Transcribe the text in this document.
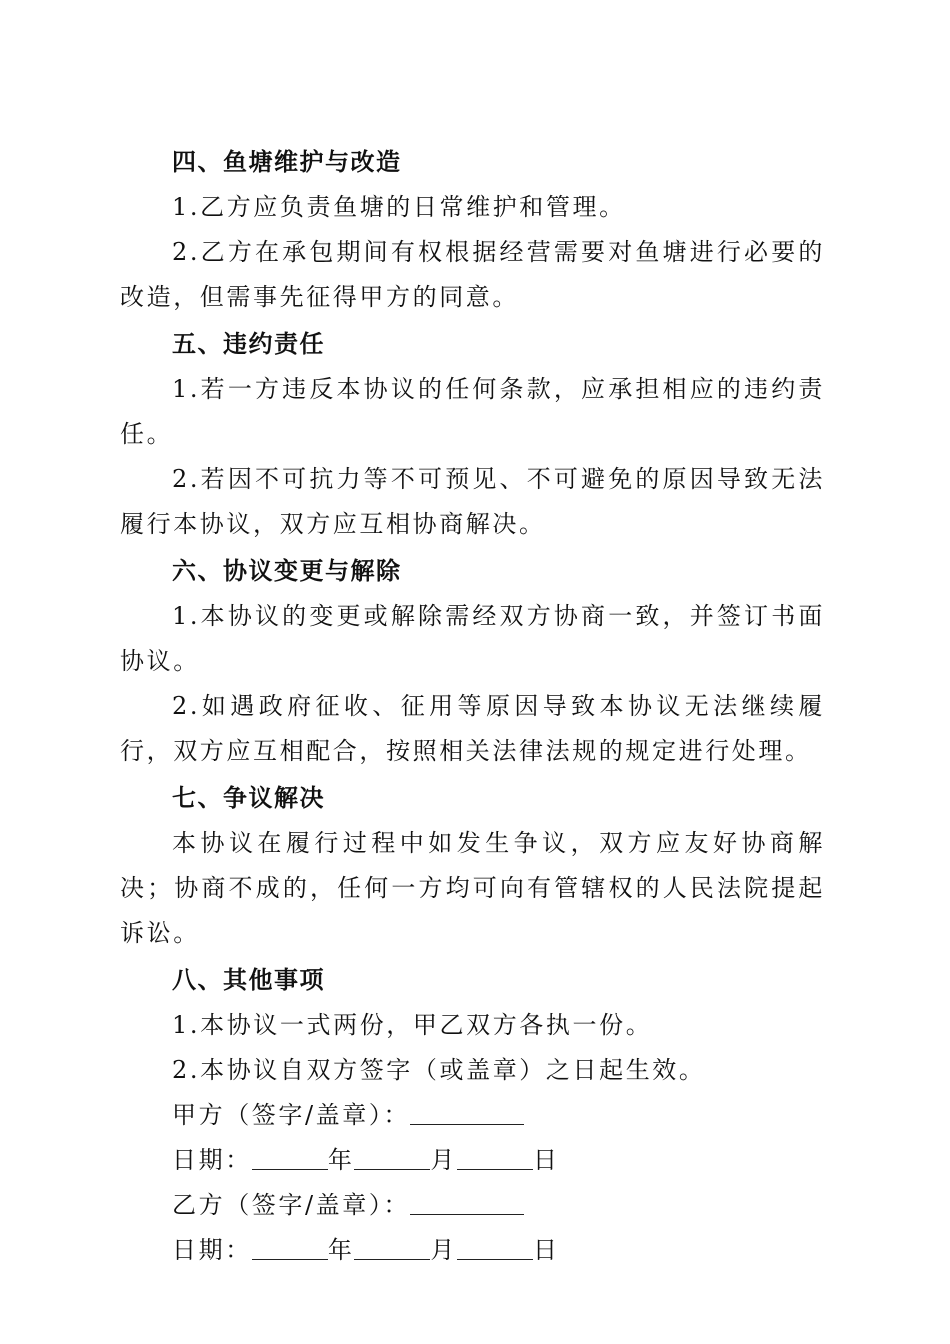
四、鱼塘维护与改造

1.乙方应负责鱼塘的日常维护和管理。

2.乙方在承包期间有权根据经营需要对鱼塘进行必要的改造，但需事先征得甲方的同意。

五、违约责任

1.若一方违反本协议的任何条款，应承担相应的违约责任。

2.若因不可抗力等不可预见、不可避免的原因导致无法履行本协议，双方应互相协商解决。

六、协议变更与解除

1.本协议的变更或解除需经双方协商一致，并签订书面协议。

2.如遇政府征收、征用等原因导致本协议无法继续履行，双方应互相配合，按照相关法律法规的规定进行处理。

七、争议解决

本协议在履行过程中如发生争议，双方应友好协商解决；协商不成的，任何一方均可向有管辖权的人民法院提起诉讼。

八、其他事项

1.本协议一式两份，甲乙双方各执一份。

2.本协议自双方签字（或盖章）之日起生效。

甲方（签字/盖章）：

日期：	年	月	日

乙方（签字/盖章）：

日期：	年	月	日
